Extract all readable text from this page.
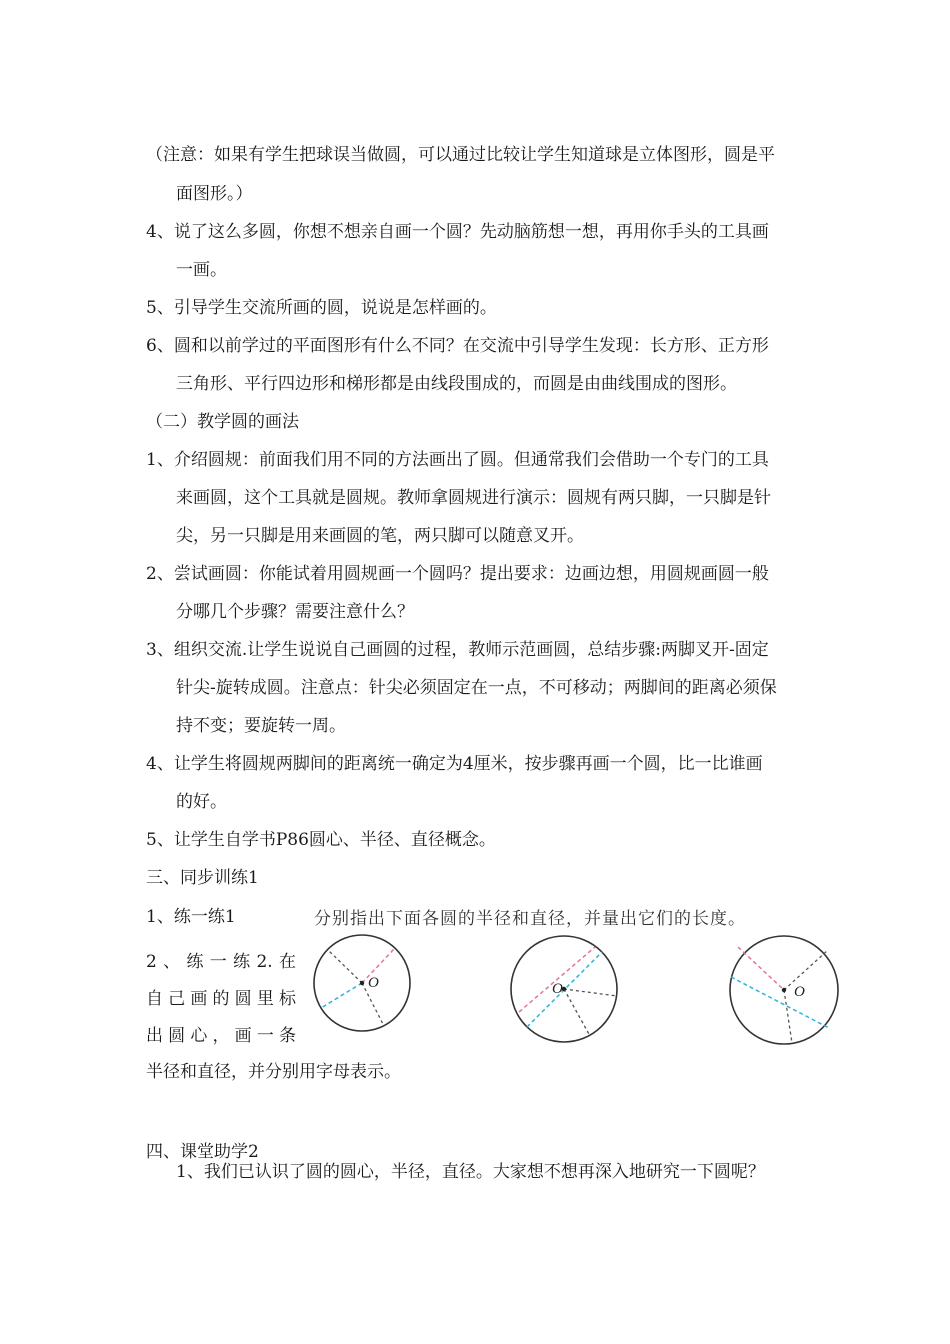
（注意：如果有学生把球误当做圆，可以通过比较让学生知道球是立体图形，圆是平
面图形。）
4、说了这么多圆，你想不想亲自画一个圆？先动脑筋想一想，再用你手头的工具画
一画。
5、引导学生交流所画的圆，说说是怎样画的。
6、圆和以前学过的平面图形有什么不同？在交流中引导学生发现：长方形、正方形
三角形、平行四边形和梯形都是由线段围成的，而圆是由曲线围成的图形。
（二）教学圆的画法
1、介绍圆规：前面我们用不同的方法画出了圆。但通常我们会借助一个专门的工具
来画圆，这个工具就是圆规。教师拿圆规进行演示：圆规有两只脚，一只脚是针
尖，另一只脚是用来画圆的笔，两只脚可以随意叉开。
2、尝试画圆：你能试着用圆规画一个圆吗？提出要求：边画边想，用圆规画圆一般
分哪几个步骤？需要注意什么？
3、组织交流.让学生说说自己画圆的过程，教师示范画圆，总结步骤:两脚叉开-固定
针尖-旋转成圆。注意点：针尖必须固定在一点，不可移动；两脚间的距离必须保
持不变；要旋转一周。
4、让学生将圆规两脚间的距离统一确定为4厘米，按步骤再画一个圆，比一比谁画
的好。
5、让学生自学书P86圆心、半径、直径概念。
三、同步训练1
1、练一练1
2、练一练2.在
自己画的圆里标
出圆心，画一条
半径和直径，并分别用字母表示。
分别指出下面各圆的半径和直径，并量出它们的长度。
O	O	O
四、课堂助学2
1、我们已认识了圆的圆心，半径，直径。大家想不想再深入地研究一下圆呢？
